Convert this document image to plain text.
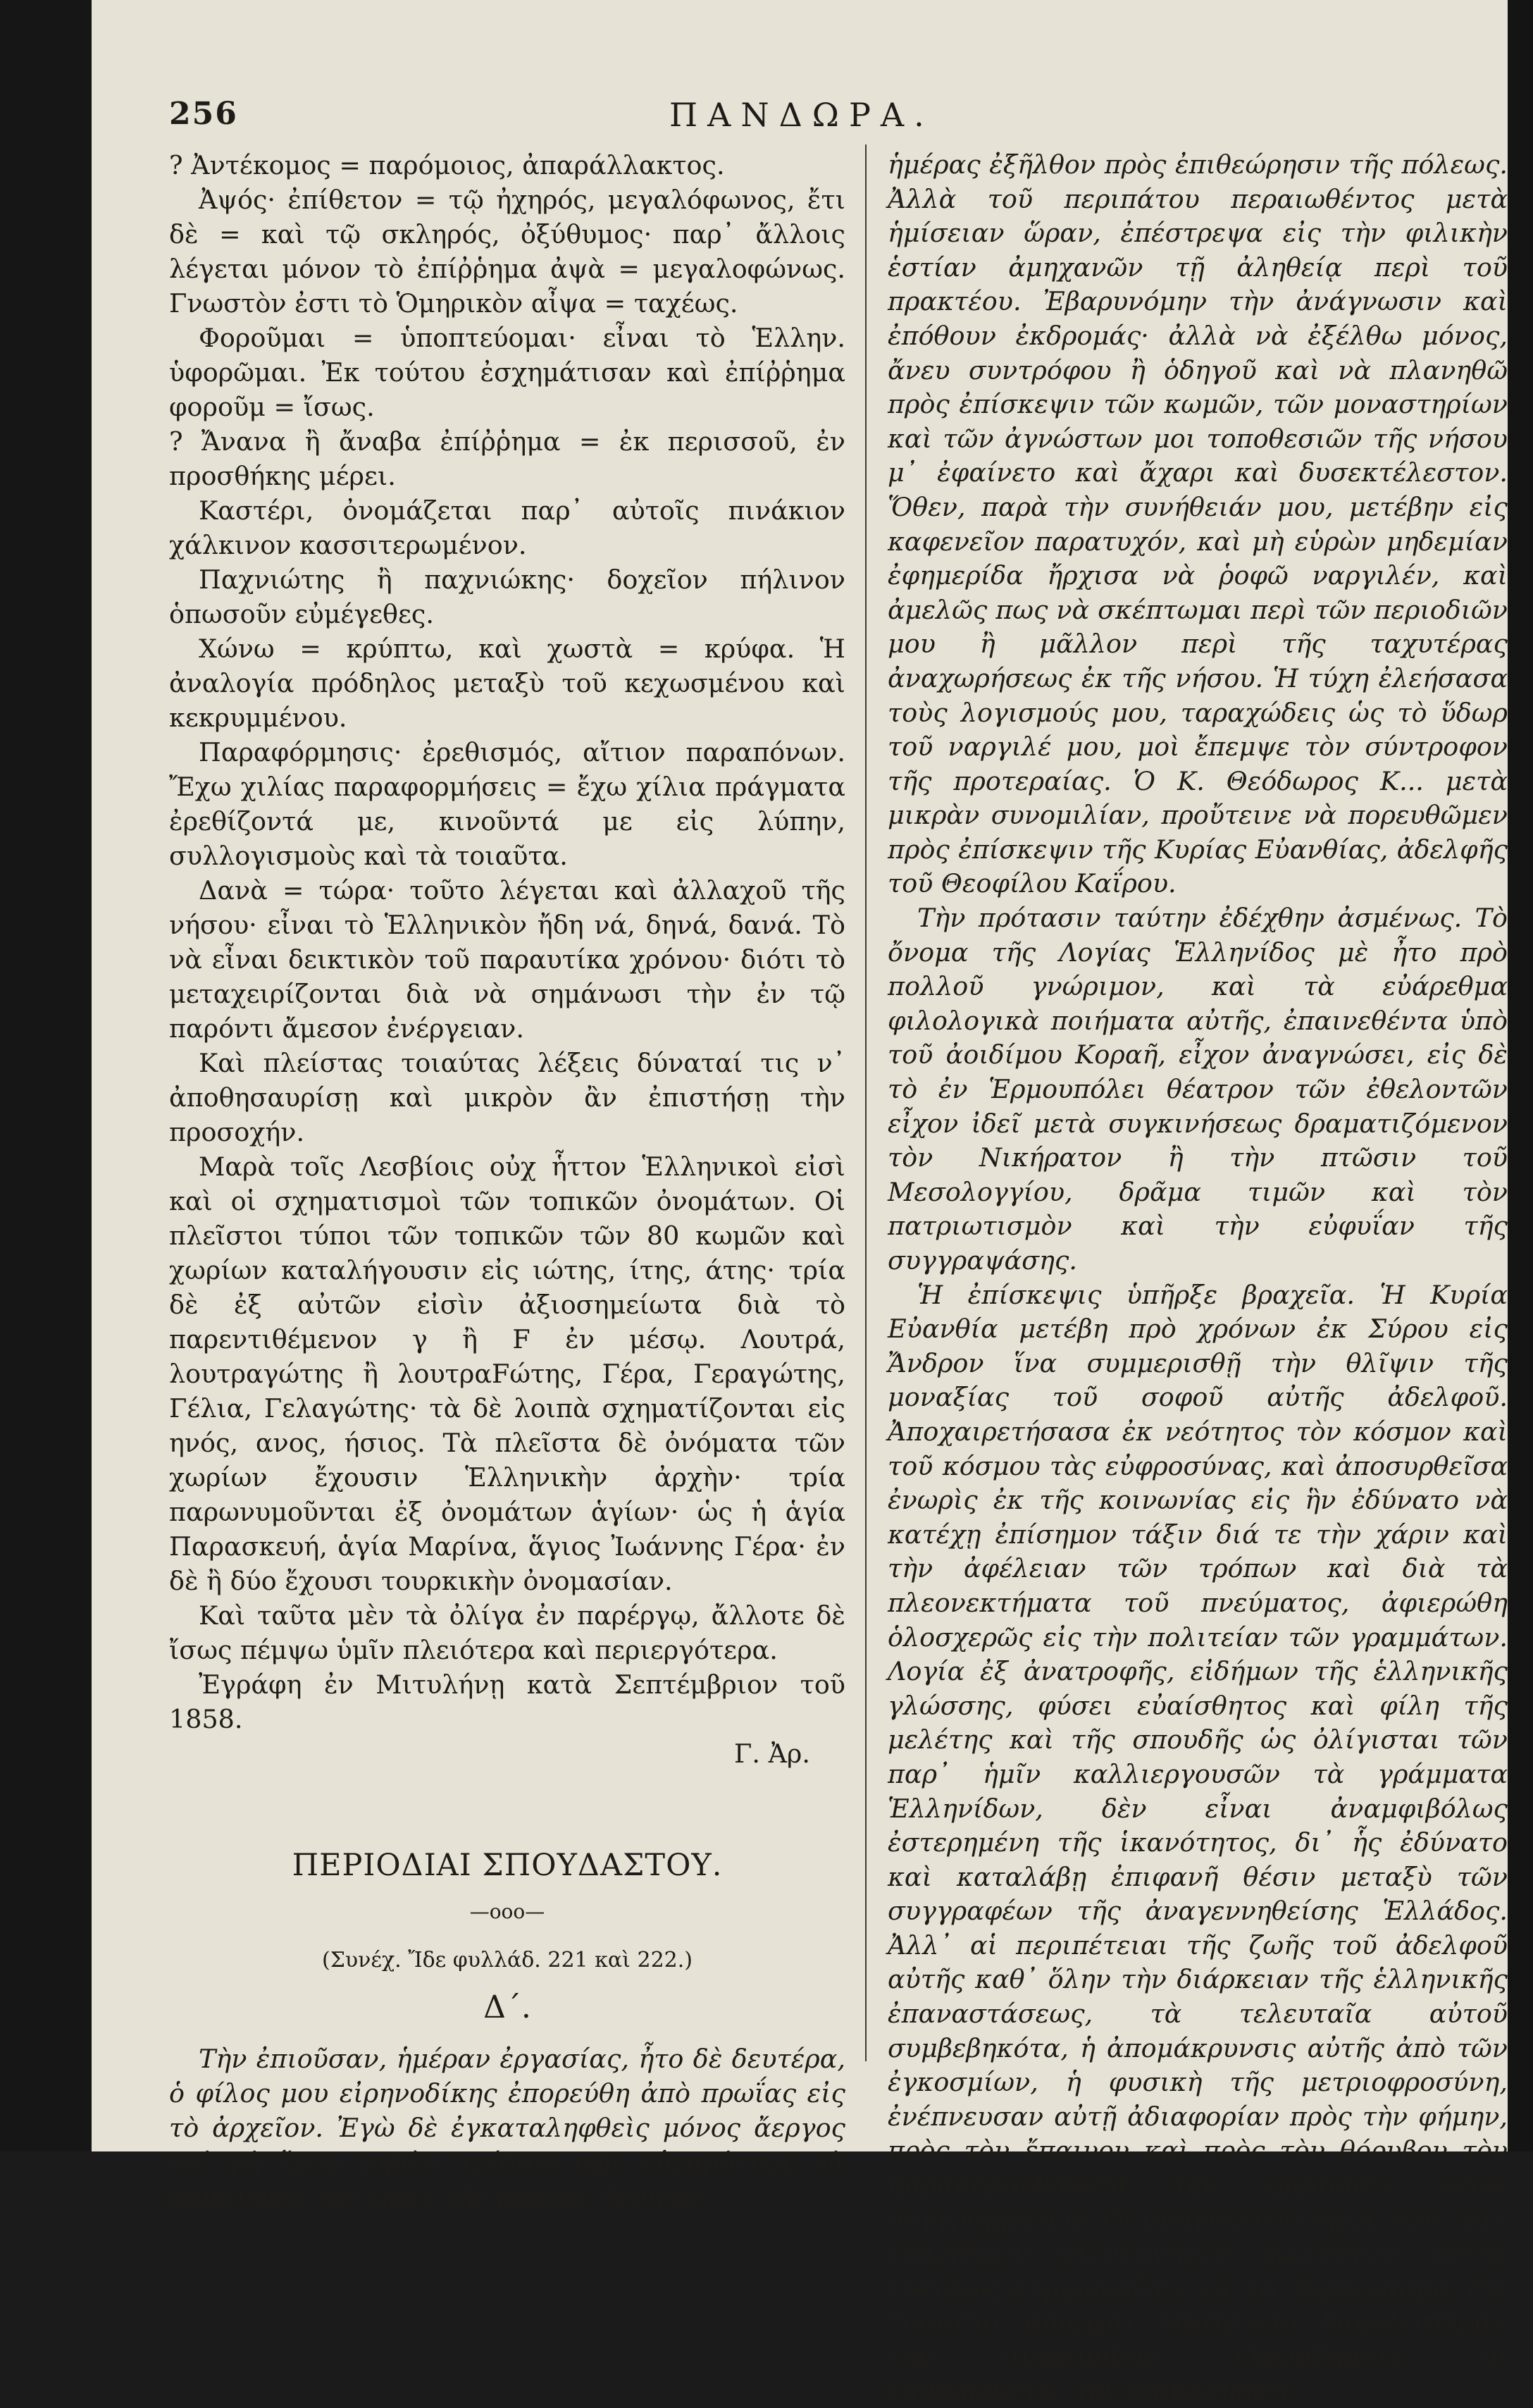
256	ΠΑΝΔΩΡΑ.

? Ἀντέκομος = παρόμοιος, ἀπαράλλακτος.

Ἀψός· ἐπίθετον = τῷ ἠχηρός, μεγαλόφωνος, ἔτι δὲ = καὶ τῷ σκληρός, ὀξύθυμος· παρ᾽ ἄλλοις λέγεται μόνον τὸ ἐπίῤῥημα ἀψὰ = μεγαλοφώνως. Γνωστὸν ἐστι τὸ Ὁμηρικὸν αἶψα = ταχέως.

Φοροῦμαι = ὑποπτεύομαι· εἶναι τὸ Ἑλλην. ὑφορῶμαι. Ἐκ τούτου ἐσχημάτισαν καὶ ἐπίῤῥημα φοροῦμ = ἴσως.

? Ἄνανα ἢ ἄναβα ἐπίῤῥημα = ἐκ περισσοῦ, ἐν προσθήκης μέρει.

Καστέρι, ὀνομάζεται παρ᾽ αὐτοῖς πινάκιον χάλκινον κασσιτερωμένον.

Παχνιώτης ἢ παχνιώκης· δοχεῖον πήλινον ὁπωσοῦν εὐμέγεθες.

Χώνω = κρύπτω, καὶ χωστὰ = κρύφα. Ἡ ἀναλογία πρόδηλος μεταξὺ τοῦ κεχωσμένου καὶ κεκρυμμένου.

Παραφόρμησις· ἐρεθισμός, αἴτιον παραπόνων. Ἔχω χιλίας παραφορμήσεις = ἔχω χίλια πράγματα ἐρεθίζοντά με, κινοῦντά με εἰς λύπην, συλλογισμοὺς καὶ τὰ τοιαῦτα.

Δανὰ = τώρα· τοῦτο λέγεται καὶ ἀλλαχοῦ τῆς νήσου· εἶναι τὸ Ἑλληνικὸν ἤδη νά, δηνά, δανά. Τὸ νὰ εἶναι δεικτικὸν τοῦ παραυτίκα χρόνου· διότι τὸ μεταχειρίζονται διὰ νὰ σημάνωσι τὴν ἐν τῷ παρόντι ἄμεσον ἐνέργειαν.

Καὶ πλείστας τοιαύτας λέξεις δύναταί τις ν᾽ ἀποθησαυρίσῃ καὶ μικρὸν ἂν ἐπιστήσῃ τὴν προσοχήν.

Μαρὰ τοῖς Λεσβίοις οὐχ ἧττον Ἑλληνικοὶ εἰσὶ καὶ οἱ σχηματισμοὶ τῶν τοπικῶν ὀνομάτων. Οἱ πλεῖστοι τύποι τῶν τοπικῶν τῶν 80 κωμῶν καὶ χωρίων καταλήγουσιν εἰς ιώτης, ίτης, άτης· τρία δὲ ἐξ αὐτῶν εἰσὶν ἀξιοσημείωτα διὰ τὸ παρεντιθέμενον γ ἢ F ἐν μέσῳ. Λουτρά, λουτραγώτης ἢ λουτραFώτης, Γέρα, Γεραγώτης, Γέλια, Γελαγώτης· τὰ δὲ λοιπὰ σχηματίζονται εἰς ηνός, ανος, ήσιος. Τὰ πλεῖστα δὲ ὀνόματα τῶν χωρίων ἔχουσιν Ἑλληνικὴν ἀρχὴν· τρία παρωνυμοῦνται ἐξ ὀνομάτων ἁγίων· ὡς ἡ ἁγία Παρασκευή, ἁγία Μαρίνα, ἅγιος Ἰωάννης Γέρα· ἐν δὲ ἢ δύο ἔχουσι τουρκικὴν ὀνομασίαν.

Καὶ ταῦτα μὲν τὰ ὀλίγα ἐν παρέργῳ, ἄλλοτε δὲ ἴσως πέμψω ὑμῖν πλειότερα καὶ περιεργότερα.

Ἐγράφη ἐν Μιτυλήνῃ κατὰ Σεπτέμβριον τοῦ 1858.

Γ. Ἀρ.

ΠΕΡΙΟΔΙΑΙ ΣΠΟΥΔΑΣΤΟΥ.

—ooo—

(Συνέχ. Ἴδε φυλλάδ. 221 καὶ 222.)

Δ΄.

Τὴν ἐπιοῦσαν, ἡμέραν ἐργασίας, ἦτο δὲ δευτέρα, ὁ φίλος μου εἰρηνοδίκης ἐπορεύθη ἀπὸ πρωΐας εἰς τὸ ἀρχεῖον. Ἐγὼ δὲ ἐγκαταληφθεὶς μόνος ἄεργος καὶ μὴ ἔχων μηδὲν σχέδιον πῶς εὐχαρίστως νὰ δαπανήσω τὰς ὥρας τῆς μακρᾶς θερινῆς

ἡμέρας ἐξῆλθον πρὸς ἐπιθεώρησιν τῆς πόλεως. Ἀλλὰ τοῦ περιπάτου περαιωθέντος μετὰ ἡμίσειαν ὥραν, ἐπέστρεψα εἰς τὴν φιλικὴν ἑστίαν ἀμηχανῶν τῇ ἀληθείᾳ περὶ τοῦ πρακτέου. Ἐβαρυνόμην τὴν ἀνάγνωσιν καὶ ἐπόθουν ἐκδρομάς· ἀλλὰ νὰ ἐξέλθω μόνος, ἄνευ συντρόφου ἢ ὁδηγοῦ καὶ νὰ πλανηθῶ πρὸς ἐπίσκεψιν τῶν κωμῶν, τῶν μοναστηρίων καὶ τῶν ἀγνώστων μοι τοποθεσιῶν τῆς νήσου μ᾽ ἐφαίνετο καὶ ἄχαρι καὶ δυσεκτέλεστον. Ὅθεν, παρὰ τὴν συνήθειάν μου, μετέβην εἰς καφενεῖον παρατυχόν, καὶ μὴ εὑρὼν μηδεμίαν ἐφημερίδα ἤρχισα νὰ ῥοφῶ ναργιλέν, καὶ ἀμελῶς πως νὰ σκέπτωμαι περὶ τῶν περιοδιῶν μου ἢ μᾶλλον περὶ τῆς ταχυτέρας ἀναχωρήσεως ἐκ τῆς νήσου. Ἡ τύχη ἐλεήσασα τοὺς λογισμούς μου, ταραχώδεις ὡς τὸ ὕδωρ τοῦ ναργιλέ μου, μοὶ ἔπεμψε τὸν σύντροφον τῆς προτεραίας. Ὁ Κ. Θεόδωρος Κ... μετὰ μικρὰν συνομιλίαν, προὔτεινε νὰ πορευθῶμεν πρὸς ἐπίσκεψιν τῆς Κυρίας Εὐανθίας, ἀδελφῆς τοῦ Θεοφίλου Καΐρου.

Τὴν πρότασιν ταύτην ἐδέχθην ἀσμένως. Τὸ ὄνομα τῆς Λογίας Ἑλληνίδος μὲ ἦτο πρὸ πολλοῦ γνώριμον, καὶ τὰ εὐάρεθμα φιλολογικὰ ποιήματα αὐτῆς, ἐπαινεθέντα ὑπὸ τοῦ ἀοιδίμου Κοραῆ, εἶχον ἀναγνώσει, εἰς δὲ τὸ ἐν Ἑρμουπόλει θέατρον τῶν ἐθελοντῶν εἶχον ἰδεῖ μετὰ συγκινήσεως δραματιζόμενον τὸν Νικήρατον ἢ τὴν πτῶσιν τοῦ Μεσολογγίου, δρᾶμα τιμῶν καὶ τὸν πατριωτισμὸν καὶ τὴν εὐφυΐαν τῆς συγγραψάσης.

Ἡ ἐπίσκεψις ὑπῆρξε βραχεῖα. Ἡ Κυρία Εὐανθία μετέβη πρὸ χρόνων ἐκ Σύρου εἰς Ἄνδρον ἵνα συμμερισθῇ τὴν θλῖψιν τῆς μοναξίας τοῦ σοφοῦ αὐτῆς ἀδελφοῦ. Ἀποχαιρετήσασα ἐκ νεότητος τὸν κόσμον καὶ τοῦ κόσμου τὰς εὐφροσύνας, καὶ ἀποσυρθεῖσα ἐνωρὶς ἐκ τῆς κοινωνίας εἰς ἣν ἐδύνατο νὰ κατέχῃ ἐπίσημον τάξιν διά τε τὴν χάριν καὶ τὴν ἀφέλειαν τῶν τρόπων καὶ διὰ τὰ πλεονεκτήματα τοῦ πνεύματος, ἀφιερώθη ὁλοσχερῶς εἰς τὴν πολιτείαν τῶν γραμμάτων. Λογία ἐξ ἀνατροφῆς, εἰδήμων τῆς ἑλληνικῆς γλώσσης, φύσει εὐαίσθητος καὶ φίλη τῆς μελέτης καὶ τῆς σπουδῆς ὡς ὀλίγισται τῶν παρ᾽ ἡμῖν καλλιεργουσῶν τὰ γράμματα Ἑλληνίδων, δὲν εἶναι ἀναμφιβόλως ἐστερημένη τῆς ἱκανότητος, δι᾽ ἧς ἐδύνατο καὶ καταλάβῃ ἐπιφανῆ θέσιν μεταξὺ τῶν συγγραφέων τῆς ἀναγεννηθείσης Ἑλλάδος. Ἀλλ᾽ αἱ περιπέτειαι τῆς ζωῆς τοῦ ἀδελφοῦ αὐτῆς καθ᾽ ὅλην τὴν διάρκειαν τῆς ἑλληνικῆς ἐπαναστάσεως, τὰ τελευταῖα αὐτοῦ συμβεβηκότα, ἡ ἀπομάκρυνσις αὐτῆς ἀπὸ τῶν ἐγκοσμίων, ἡ φυσικὴ τῆς μετριοφροσύνη, ἐνέπνευσαν αὐτῇ ἀδιαφορίαν πρὸς τὴν φήμην, πρὸς τὸν ἔπαινον καὶ πρὸς τὸν θόρυβον τὸν παρακολουθοῦντα τὴν ἐμφάνισιν νέων συγγραμμάτων. Οἱ ἀναγνῶσται ὅμως τῶν λίαν εὐαρίθμων φιλολογικῶν προϊόντων αὐτῆς εὐκόλως συμφωνοῦσιν εἰς τὸ συμπέρασμα, ὅτι τοιαῦται ἀπαρχαὶ ὑπέσχοντο δαψιλεστέραν τὴν συγκομιδὴν· Ὁπωσδήποτε, οἱ ἐπιθυμοῦντες τὴν διακόσμησιν
